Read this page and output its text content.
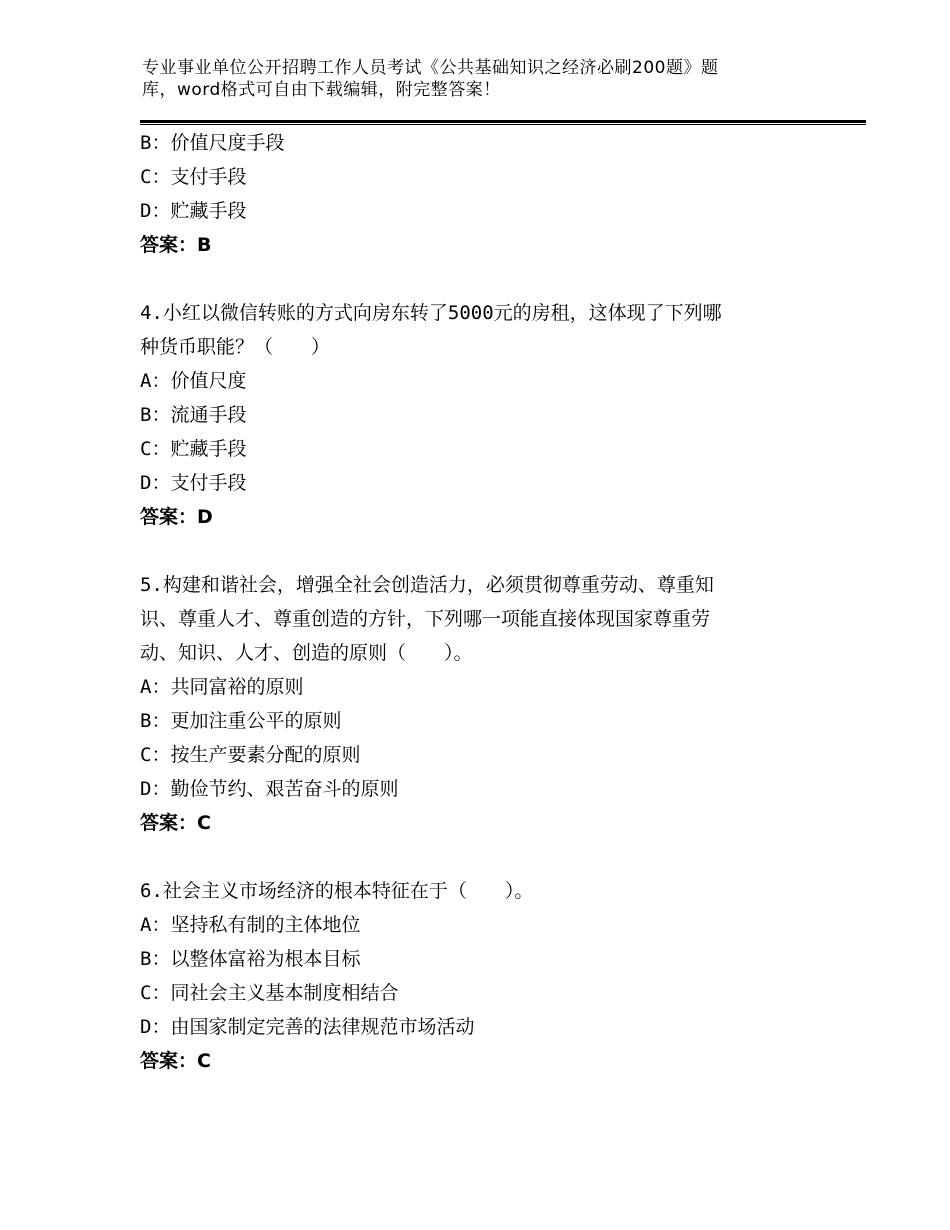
专业事业单位公开招聘工作人员考试《公共基础知识之经济必刷200题》题
库，word格式可自由下载编辑，附完整答案！
B：价值尺度手段
C：支付手段
D：贮藏手段
答案：B
4.小红以微信转账的方式向房东转了5000元的房租，这体现了下列哪
种货币职能？（　　）
A：价值尺度
B：流通手段
C：贮藏手段
D：支付手段
答案：D
5.构建和谐社会，增强全社会创造活力，必须贯彻尊重劳动、尊重知
识、尊重人才、尊重创造的方针，下列哪一项能直接体现国家尊重劳
动、知识、人才、创造的原则（　　）。
A：共同富裕的原则
B：更加注重公平的原则
C：按生产要素分配的原则
D：勤俭节约、艰苦奋斗的原则
答案：C
6.社会主义市场经济的根本特征在于（　　）。
A：坚持私有制的主体地位
B：以整体富裕为根本目标
C：同社会主义基本制度相结合
D：由国家制定完善的法律规范市场活动
答案：C
